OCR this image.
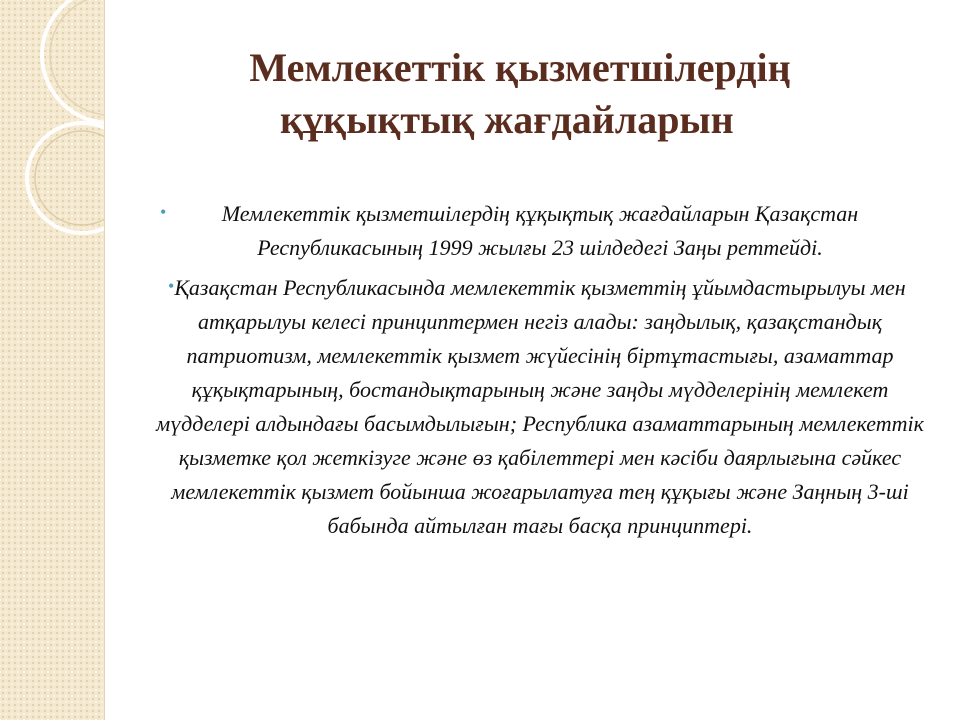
Мемлекеттік қызметшілердің
құқықтық жағдайларын
•	Мемлекеттік қызметшілердің құқықтық жағдайларын Қазақстан Республикасының 1999 жылғы 23 шілдедегі Заңы реттейді.
• Қазақстан Республикасында мемлекеттік қызметтің ұйымдастырылуы мен атқарылуы келесі принциптермен негіз алады: заңдылық, қазақстандық патриотизм, мемлекеттік қызмет жүйесінің біртұтастығы, азаматтар құқықтарының, бостандықтарының және заңды мүдделерінің мемлекет мүдделері алдындағы басымдылығын; Республика азаматтарының мемлекеттік қызметке қол жеткізуге және өз қабілеттері мен кәсіби даярлығына сәйкес мемлекеттік қызмет бойынша жоғарылатуға тең құқығы және Заңның 3-ші бабында айтылған тағы басқа принциптері.
